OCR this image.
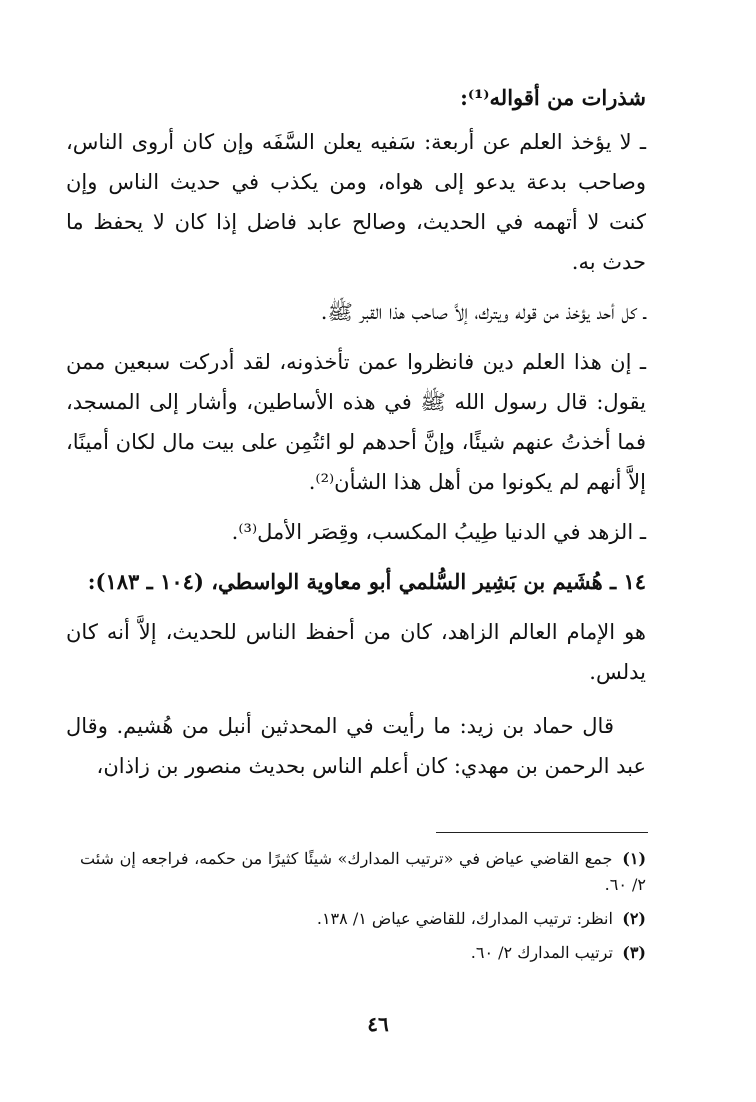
شذرات من أقواله⁽¹⁾:
ـ لا يؤخذ العلم عن أربعة: سَفيه يعلن السَّفَه وإن كان أروى الناس، وصاحب بدعة يدعو إلى هواه، ومن يكذب في حديث الناس وإن كنت لا أتهمه في الحديث، وصالح عابد فاضل إذا كان لا يحفظ ما حدث به.
ـ كل أحد يؤخذ من قوله ويترك، إلاَّ صاحب هذا القبر ﷺ.
ـ إن هذا العلم دين فانظروا عمن تأخذونه، لقد أدركت سبعين ممن يقول: قال رسول الله ﷺ في هذه الأساطين، وأشار إلى المسجد، فما أخذتُ عنهم شيئًا، وإنَّ أحدهم لو ائتُمِن على بيت مال لكان أمينًا، إلاَّ أنهم لم يكونوا من أهل هذا الشأن⁽²⁾.
ـ الزهد في الدنيا طِيبُ المكسب، وقِصَر الأمل⁽³⁾.
١٤ ـ هُشَيم بن بَشِير السُّلمي أبو معاوية الواسطي، (١٠٤ ـ ١٨٣):
هو الإمام العالم الزاهد، كان من أحفظ الناس للحديث، إلاَّ أنه كان يدلس.
قال حماد بن زيد: ما رأيت في المحدثين أنبل من هُشيم. وقال عبد الرحمن بن مهدي: كان أعلم الناس بحديث منصور بن زاذان،
(١) جمع القاضي عياض في «ترتيب المدارك» شيئًا كثيرًا من حكمه، فراجعه إن شئت ٢/ ٦٠.
(٢) انظر: ترتيب المدارك، للقاضي عياض ١/ ١٣٨.
(٣) ترتيب المدارك ٢/ ٦٠.
٤٦
